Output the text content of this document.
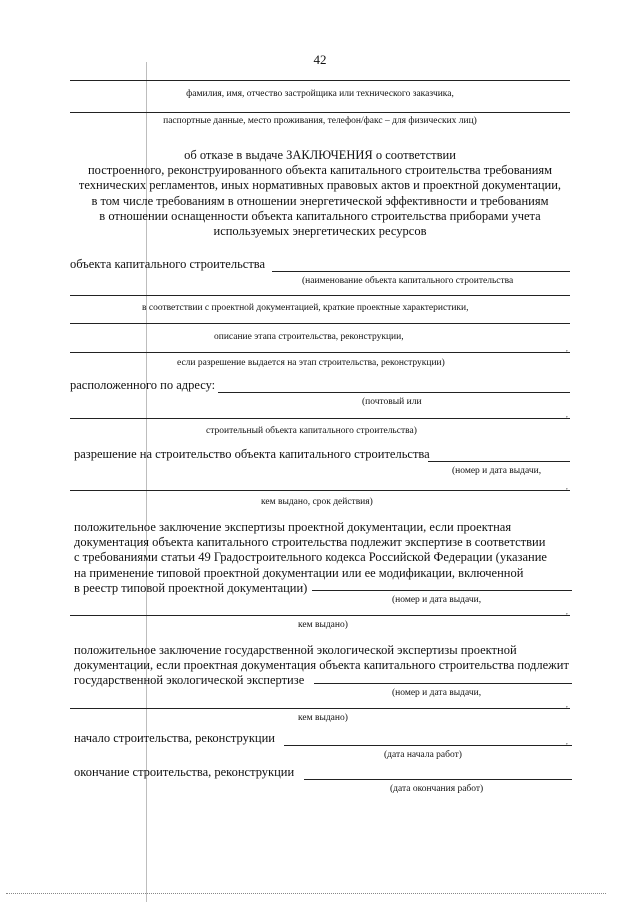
42
фамилия, имя, отчество застройщика или технического заказчика,
паспортные данные, место проживания, телефон/факс – для физических лиц)

об отказе в выдаче ЗАКЛЮЧЕНИЯ о соответствии

построенного, реконструированного объекта капитального строительства требованиям

технических регламентов, иных нормативных правовых актов и проектной документации,

в том числе требованиям в отношении энергетической эффективности и требованиям

в отношении оснащенности объекта капитального строительства приборами учета

используемых энергетических ресурсов

объекта капитального строительства
(наименование объекта капитального строительства
в соответствии с проектной документацией, краткие проектные характеристики,
описание этапа строительства, реконструкции,
,
если разрешение выдается на этап строительства, реконструкции)
расположенного по адресу:
(почтовый или
,
строительный объекта капитального строительства)
разрешение на строительство объекта капитального строительства
(номер и дата выдачи,
,
кем выдано, срок действия)

положительное заключение экспертизы проектной документации, если проектная

документация объекта капитального строительства подлежит экспертизе в соответствии

с требованиями статьи 49 Градостроительного кодекса Российской Федерации (указание

на применение типовой проектной документации или ее модификации, включенной

в реестр типовой проектной документации)

(номер и дата выдачи,
,
кем выдано)

положительное заключение государственной экологической экспертизы проектной

документации, если проектная документация объекта капитального строительства подлежит

государственной экологической экспертизе

(номер и дата выдачи,
,
кем выдано)
начало строительства, реконструкции	,
(дата начала работ)
окончание строительства, реконструкции
(дата окончания работ)
